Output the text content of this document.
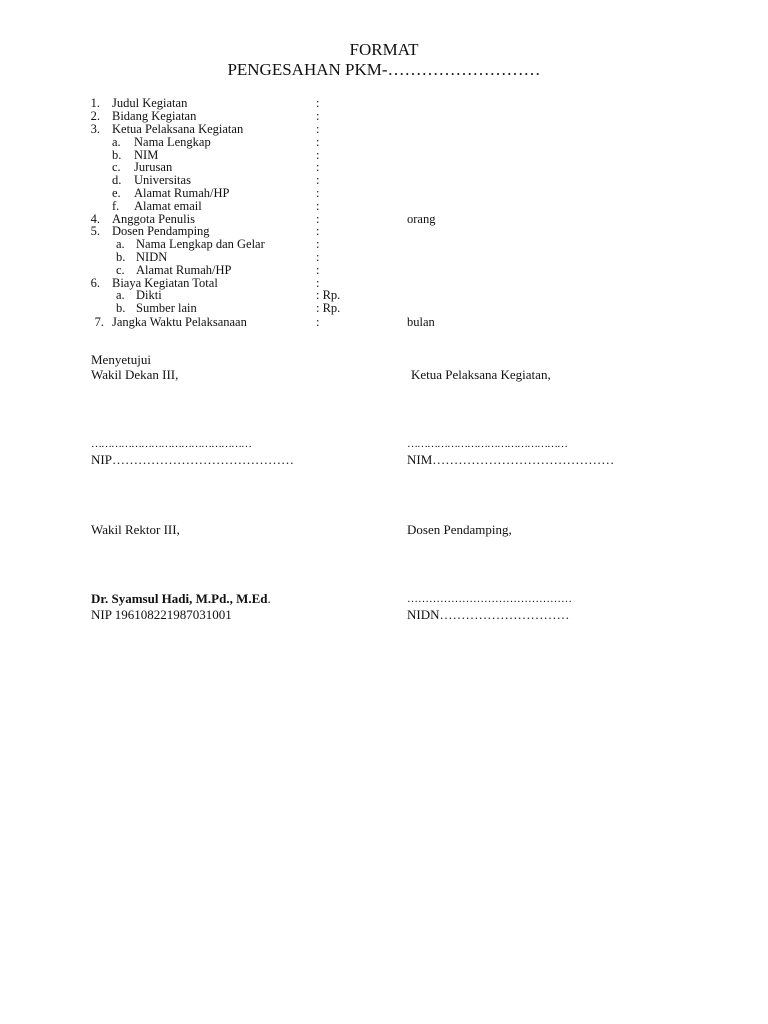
FORMAT
PENGESAHAN PKM-………………………
1. Judul Kegiatan	:
2. Bidang Kegiatan	:
3. Ketua Pelaksana Kegiatan	:
a. Nama Lengkap	:
b. NIM	:
c. Jurusan	:
d. Universitas	:
e. Alamat Rumah/HP	:
f. Alamat email	:
4. Anggota Penulis	:	orang
5. Dosen Pendamping	:
a. Nama Lengkap dan Gelar	:
b. NIDN	:
c. Alamat Rumah/HP	:
6. Biaya Kegiatan Total	:
a. Dikti	: Rp.
b. Sumber lain	: Rp.
7. Jangka Waktu Pelaksanaan	:	bulan
Menyetujui
Wakil Dekan III,	Ketua Pelaksana Kegiatan,
…………………………………………	…………………………………………
NIP……………………………………	NIM……………………………………
Wakil Rektor III,	Dosen Pendamping,
Dr. Syamsul Hadi, M.Pd., M.Ed.	………………………………………
NIP 196108221987031001	NIDN…………………………
